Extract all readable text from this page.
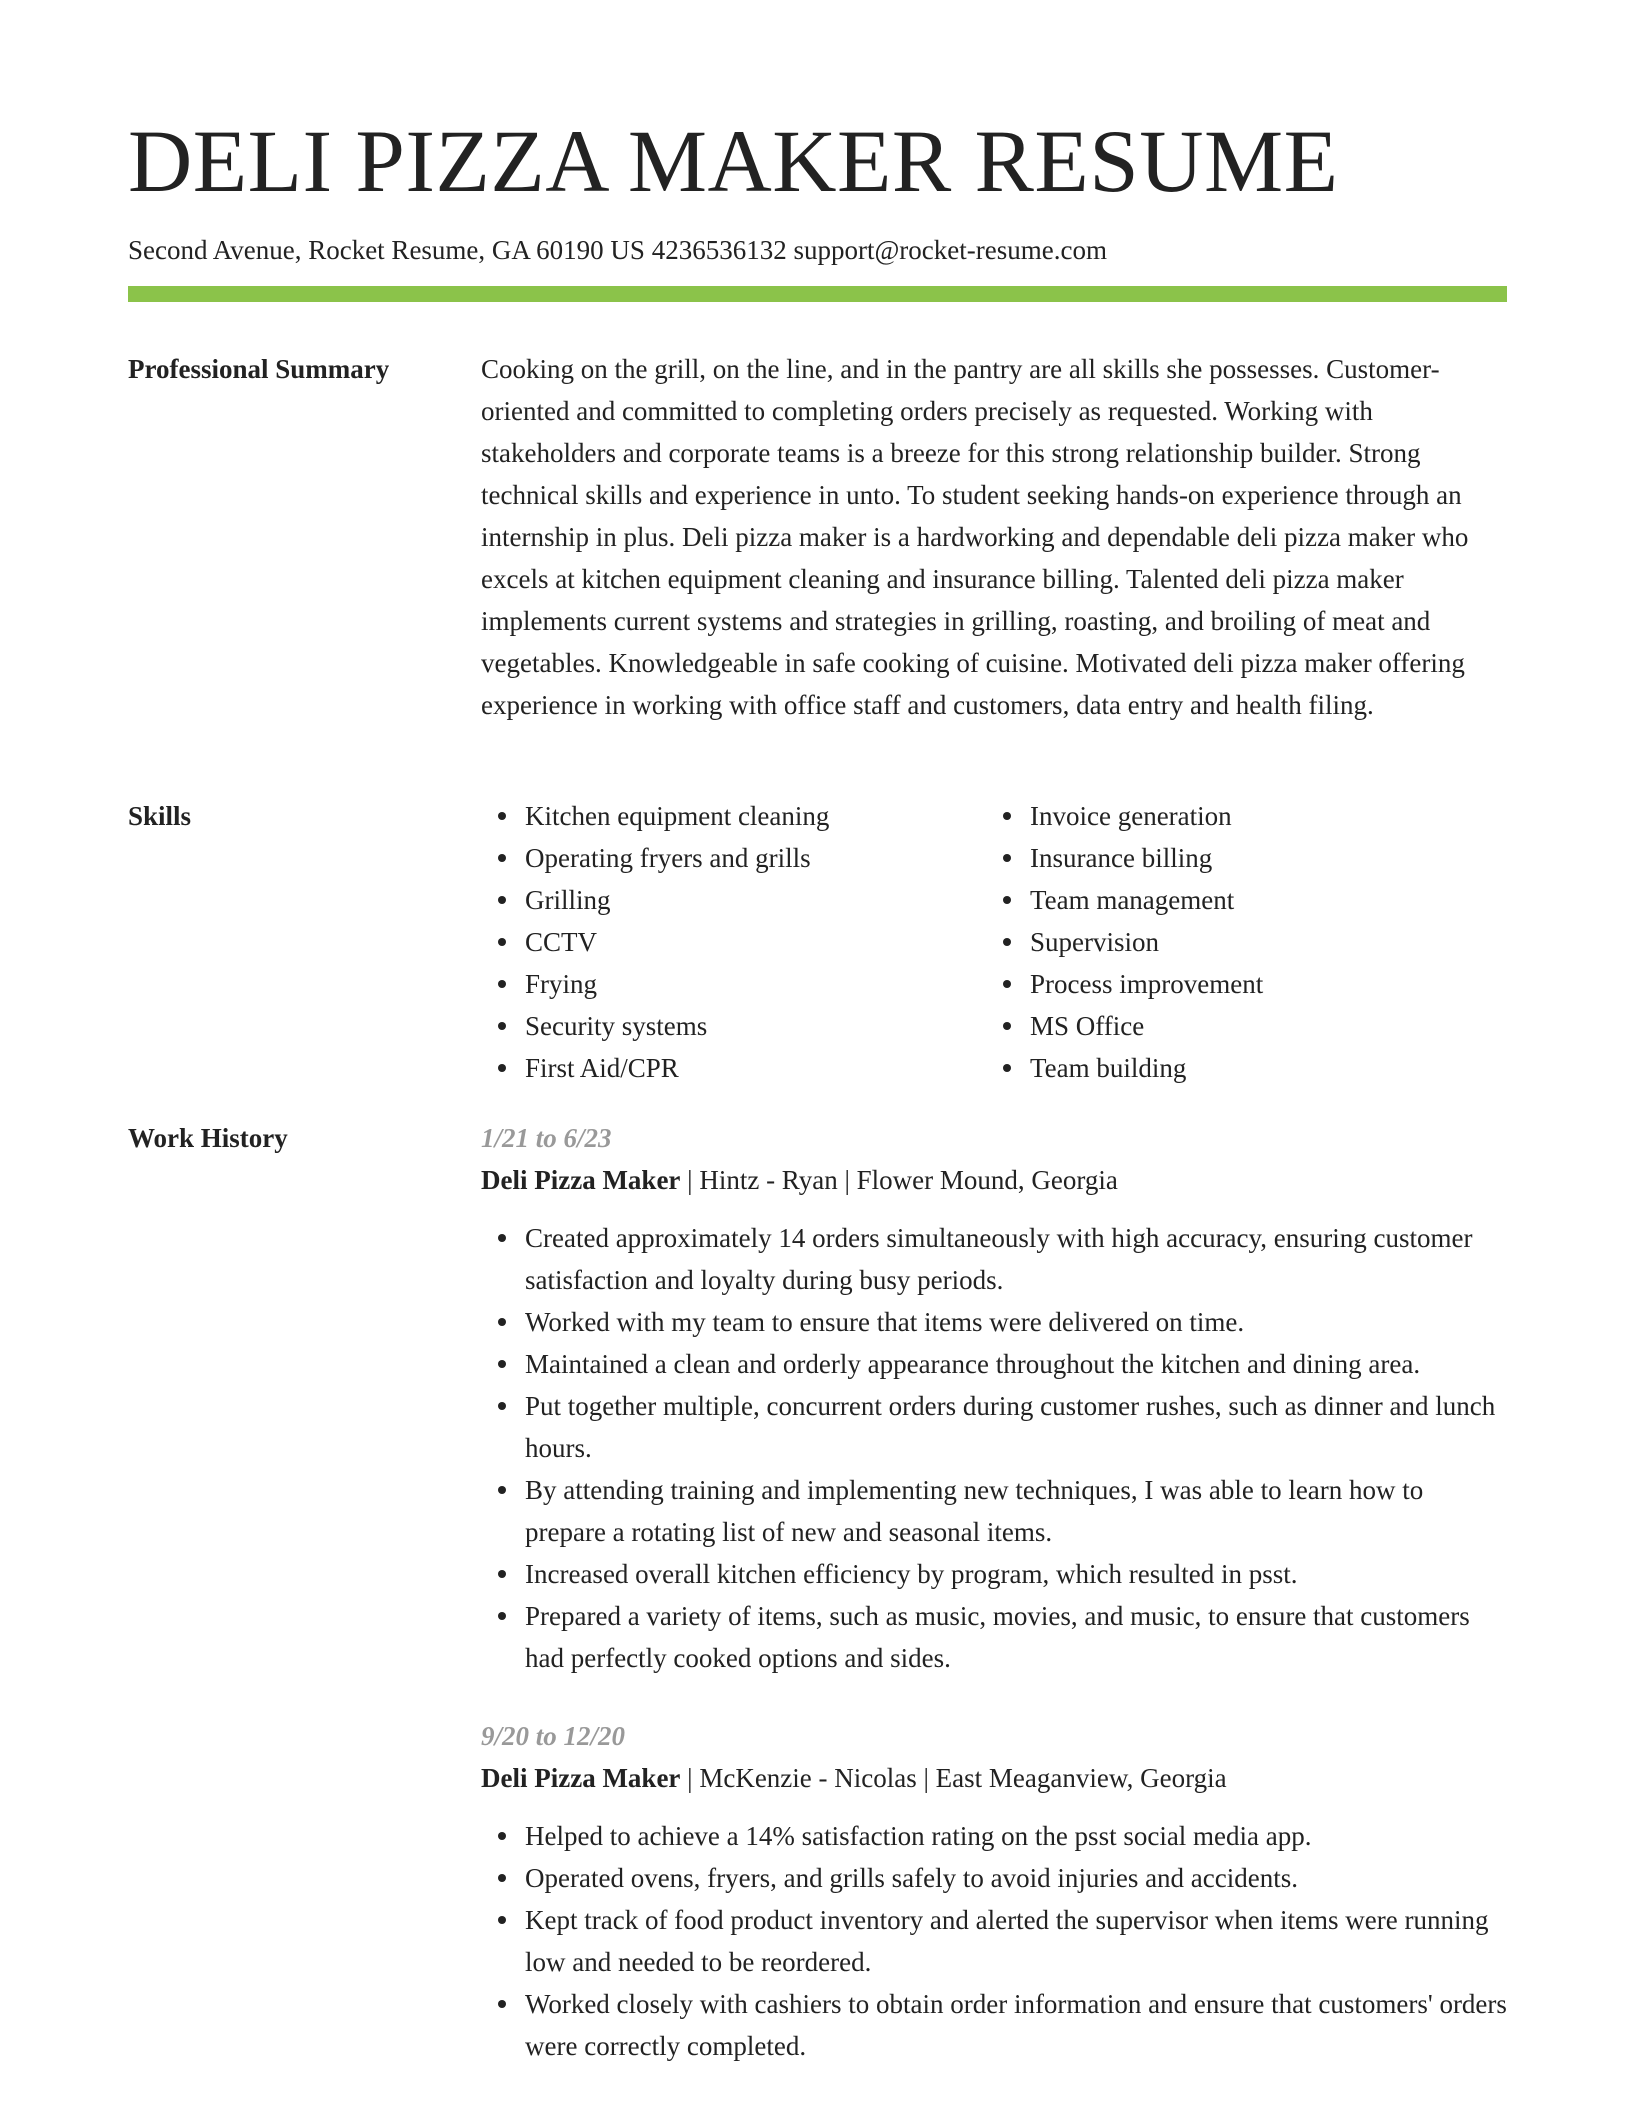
DELI PIZZA MAKER RESUME
Second Avenue, Rocket Resume, GA 60190 US 4236536132 support@rocket-resume.com
Professional Summary	Cooking on the grill, on the line, and in the pantry are all skills she possesses. Customer-oriented and committed to completing orders precisely as requested. Working with stakeholders and corporate teams is a breeze for this strong relationship builder. Strong technical skills and experience in unto. To student seeking hands-on experience through an internship in plus. Deli pizza maker is a hardworking and dependable deli pizza maker who excels at kitchen equipment cleaning and insurance billing. Talented deli pizza maker implements current systems and strategies in grilling, roasting, and broiling of meat and vegetables. Knowledgeable in safe cooking of cuisine. Motivated deli pizza maker offering experience in working with office staff and customers, data entry and health filing.

Skills	Kitchen equipment cleaning
Operating fryers and grills
Grilling
CCTV
Frying
Security systems
First Aid/CPR
Invoice generation
Insurance billing
Team management
Supervision
Process improvement
MS Office
Team building
Work History	1/21 to 6/23
Deli Pizza Maker | Hintz - Ryan | Flower Mound, Georgia
Created approximately 14 orders simultaneously with high accuracy, ensuring customer satisfaction and loyalty during busy periods.
Worked with my team to ensure that items were delivered on time.
Maintained a clean and orderly appearance throughout the kitchen and dining area.
Put together multiple, concurrent orders during customer rushes, such as dinner and lunch hours.
By attending training and implementing new techniques, I was able to learn how to prepare a rotating list of new and seasonal items.
Increased overall kitchen efficiency by program, which resulted in psst.
Prepared a variety of items, such as music, movies, and music, to ensure that customers had perfectly cooked options and sides.
9/20 to 12/20
Deli Pizza Maker | McKenzie - Nicolas | East Meaganview, Georgia
Helped to achieve a 14% satisfaction rating on the psst social media app.
Operated ovens, fryers, and grills safely to avoid injuries and accidents.
Kept track of food product inventory and alerted the supervisor when items were running low and needed to be reordered.
Worked closely with cashiers to obtain order information and ensure that customers' orders were correctly completed.
